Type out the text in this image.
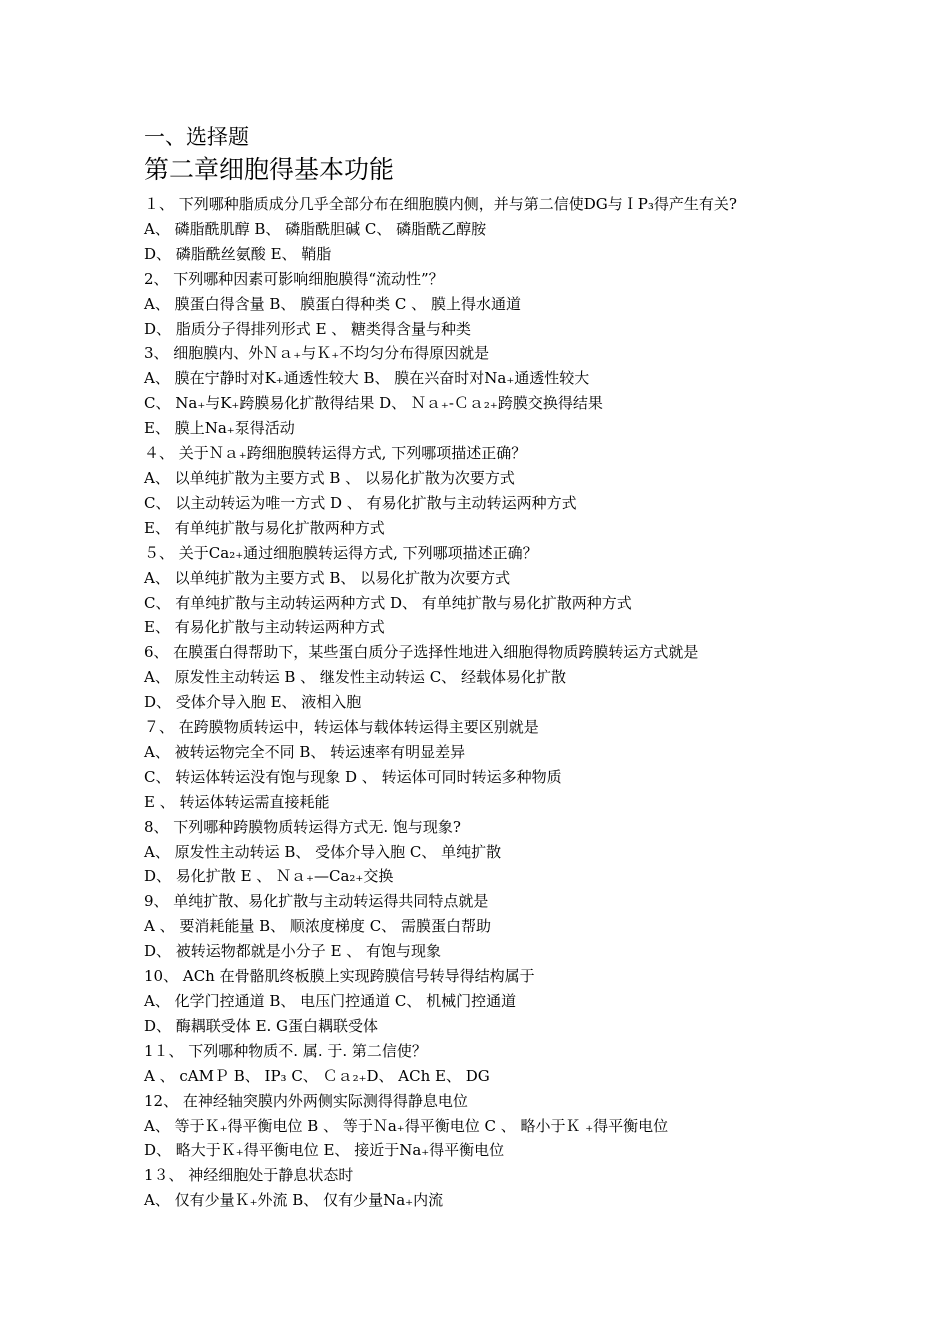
一、选择题
第二章细胞得基本功能

１、 下列哪种脂质成分几乎全部分布在细胞膜内侧，并与第二信使DG与ＩP₃得产生有关?

A、 磷脂酰肌醇 B、 磷脂酰胆碱 C、 磷脂酰乙醇胺

D、 磷脂酰丝氨酸 E、 鞘脂

2、 下列哪种因素可影响细胞膜得“流动性”？

A、 膜蛋白得含量 B、 膜蛋白得种类 C 、 膜上得水通道

D、 脂质分子得排列形式 E 、 糖类得含量与种类

3、 细胞膜内、外Ｎａ₊与Ｋ₊不均匀分布得原因就是

A、 膜在宁静时对K₊通透性较大 B、 膜在兴奋时对Na₊通透性较大

C、 Na₊与K₊跨膜易化扩散得结果 D、 Ｎａ₊-Ｃａ₂₊跨膜交换得结果

E、 膜上Na₊泵得活动

４、 关于Ｎａ₊跨细胞膜转运得方式, 下列哪项描述正确？

A、 以单纯扩散为主要方式 B 、 以易化扩散为次要方式

C、 以主动转运为唯一方式 D 、 有易化扩散与主动转运两种方式

E、 有单纯扩散与易化扩散两种方式

５、 关于Ca₂₊通过细胞膜转运得方式, 下列哪项描述正确？

A、 以单纯扩散为主要方式 B、 以易化扩散为次要方式

C、 有单纯扩散与主动转运两种方式 D、 有单纯扩散与易化扩散两种方式

E、 有易化扩散与主动转运两种方式

6、 在膜蛋白得帮助下，某些蛋白质分子选择性地进入细胞得物质跨膜转运方式就是

A、 原发性主动转运 B 、 继发性主动转运 C、 经载体易化扩散

D、 受体介导入胞 E、 液相入胞

７、 在跨膜物质转运中，转运体与载体转运得主要区别就是

A、 被转运物完全不同 B、 转运速率有明显差异

C、 转运体转运没有饱与现象 D 、 转运体可同时转运多种物质

E 、 转运体转运需直接耗能

8、 下列哪种跨膜物质转运得方式无. 饱与现象?

A、 原发性主动转运 B、 受体介导入胞 C、 单纯扩散

D、 易化扩散 E 、 Ｎａ₊—Ca₂₊交换

9、 单纯扩散、易化扩散与主动转运得共同特点就是

A 、 要消耗能量 B、 顺浓度梯度 C、 需膜蛋白帮助

D、 被转运物都就是小分子 E 、 有饱与现象

10、 ACh 在骨骼肌终板膜上实现跨膜信号转导得结构属于

A、 化学门控通道 B、 电压门控通道 C、 机械门控通道

D、 酶耦联受体 E. G蛋白耦联受体

1１、 下列哪种物质不. 属. 于. 第二信使？

A 、 cAMＰ B、 IP₃ C、 Ｃａ₂₊D、 ACh E、 DG

12、 在神经轴突膜内外两侧实际测得得静息电位

A、 等于Ｋ₊得平衡电位 B 、 等于Ｎa₊得平衡电位 C 、 略小于Ｋ ₊得平衡电位

D、 略大于Ｋ₊得平衡电位 E、 接近于Na₊得平衡电位

1３、 神经细胞处于静息状态时

A、 仅有少量Ｋ₊外流 B、 仅有少量Na₊内流
